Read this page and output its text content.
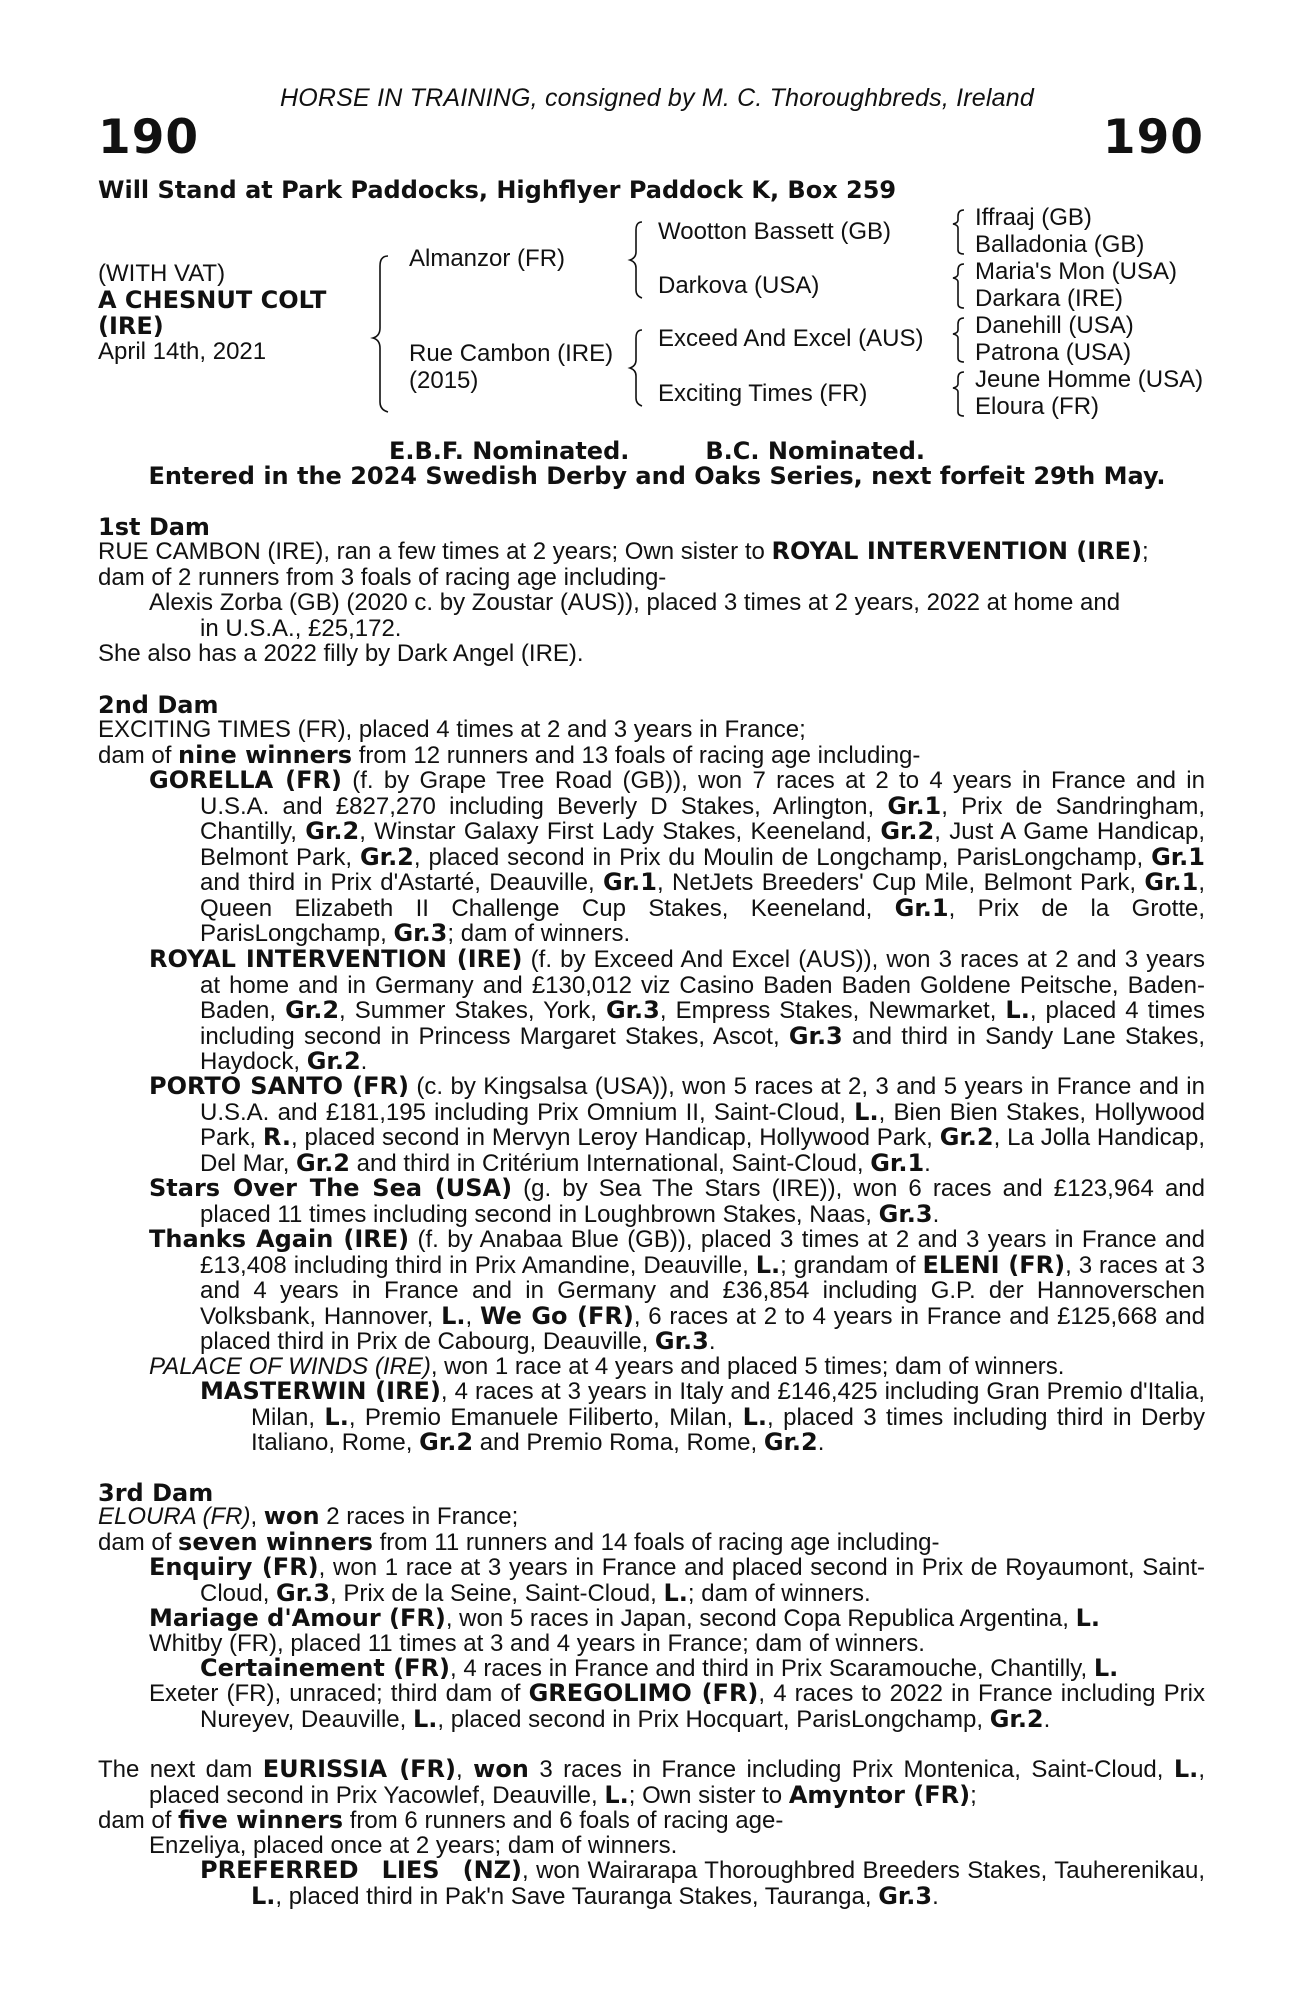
HORSE IN TRAINING, consigned by M. C. Thoroughbreds, Ireland
190	190
Will Stand at Park Paddocks, Highflyer Paddock K, Box 259
(WITH VAT)
A CHESNUT COLT
(IRE)
April 14th, 2021
Almanzor (FR)
Rue Cambon (IRE)
(2015)
Wootton Bassett (GB)
Darkova (USA)
Exceed And Excel (AUS)
Exciting Times (FR)
Iffraaj (GB)
Balladonia (GB)
Maria's Mon (USA)
Darkara (IRE)
Danehill (USA)
Patrona (USA)
Jeune Homme (USA)
Eloura (FR)
E.B.F. Nominated.	B.C. Nominated.
Entered in the 2024 Swedish Derby and Oaks Series, next forfeit 29th May.
1st Dam
RUE CAMBON (IRE), ran a few times at 2 years; Own sister to ROYAL INTERVENTION (IRE);
dam of 2 runners from 3 foals of racing age including-
Alexis Zorba (GB) (2020 c. by Zoustar (AUS)), placed 3 times at 2 years, 2022 at home and

in U.S.A., £25,172.
She also has a 2022 filly by Dark Angel (IRE).
2nd Dam
EXCITING TIMES (FR), placed 4 times at 2 and 3 years in France;
dam of nine winners from 12 runners and 13 foals of racing age including-
GORELLA (FR) (f. by Grape Tree Road (GB)), won 7 races at 2 to 4 years in France and in U.S.A. and £827,270 including Beverly D Stakes, Arlington, Gr.1, Prix de Sandringham, Chantilly, Gr.2, Winstar Galaxy First Lady Stakes, Keeneland, Gr.2, Just A Game Handicap, Belmont Park, Gr.2, placed second in Prix du Moulin de Longchamp, ParisLongchamp, Gr.1 and third in Prix d'Astarté, Deauville, Gr.1, NetJets Breeders' Cup Mile, Belmont Park, Gr.1, Queen Elizabeth II Challenge Cup Stakes, Keeneland, Gr.1, Prix de la Grotte, ParisLongchamp, Gr.3; dam of winners.
ROYAL INTERVENTION (IRE) (f. by Exceed And Excel (AUS)), won 3 races at 2 and 3 years at home and in Germany and £130,012 viz Casino Baden Baden Goldene Peitsche, Baden-Baden, Gr.2, Summer Stakes, York, Gr.3, Empress Stakes, Newmarket, L., placed 4 times including second in Princess Margaret Stakes, Ascot, Gr.3 and third in Sandy Lane Stakes, Haydock, Gr.2.
PORTO SANTO (FR) (c. by Kingsalsa (USA)), won 5 races at 2, 3 and 5 years in France and in U.S.A. and £181,195 including Prix Omnium II, Saint-Cloud, L., Bien Bien Stakes, Hollywood Park, R., placed second in Mervyn Leroy Handicap, Hollywood Park, Gr.2, La Jolla Handicap, Del Mar, Gr.2 and third in Critérium International, Saint-Cloud, Gr.1.
Stars Over The Sea (USA) (g. by Sea The Stars (IRE)), won 6 races and £123,964 and placed 11 times including second in Loughbrown Stakes, Naas, Gr.3.
Thanks Again (IRE) (f. by Anabaa Blue (GB)), placed 3 times at 2 and 3 years in France and £13,408 including third in Prix Amandine, Deauville, L.; grandam of ELENI (FR), 3 races at 3 and 4 years in France and in Germany and £36,854 including G.P. der Hannoverschen Volksbank, Hannover, L., We Go (FR), 6 races at 2 to 4 years in France and £125,668 and placed third in Prix de Cabourg, Deauville, Gr.3.
PALACE OF WINDS (IRE), won 1 race at 4 years and placed 5 times; dam of winners.
MASTERWIN (IRE), 4 races at 3 years in Italy and £146,425 including Gran Premio d'Italia, Milan, L., Premio Emanuele Filiberto, Milan, L., placed 3 times including third in Derby Italiano, Rome, Gr.2 and Premio Roma, Rome, Gr.2.
3rd Dam
ELOURA (FR), won 2 races in France;
dam of seven winners from 11 runners and 14 foals of racing age including-
Enquiry (FR), won 1 race at 3 years in France and placed second in Prix de Royaumont, Saint-Cloud, Gr.3, Prix de la Seine, Saint-Cloud, L.; dam of winners.
Mariage d'Amour (FR), won 5 races in Japan, second Copa Republica Argentina, L.
Whitby (FR), placed 11 times at 3 and 4 years in France; dam of winners.
Certainement (FR), 4 races in France and third in Prix Scaramouche, Chantilly, L.
Exeter (FR), unraced; third dam of GREGOLIMO (FR), 4 races to 2022 in France including Prix Nureyev, Deauville, L., placed second in Prix Hocquart, ParisLongchamp, Gr.2.
The next dam EURISSIA (FR), won 3 races in France including Prix Montenica, Saint-Cloud, L., placed second in Prix Yacowlef, Deauville, L.; Own sister to Amyntor (FR);
dam of five winners from 6 runners and 6 foals of racing age-
Enzeliya, placed once at 2 years; dam of winners.
PREFERRED LIES (NZ), won Wairarapa Thoroughbred Breeders Stakes, Tauherenikau, L., placed third in Pak'n Save Tauranga Stakes, Tauranga, Gr.3.
